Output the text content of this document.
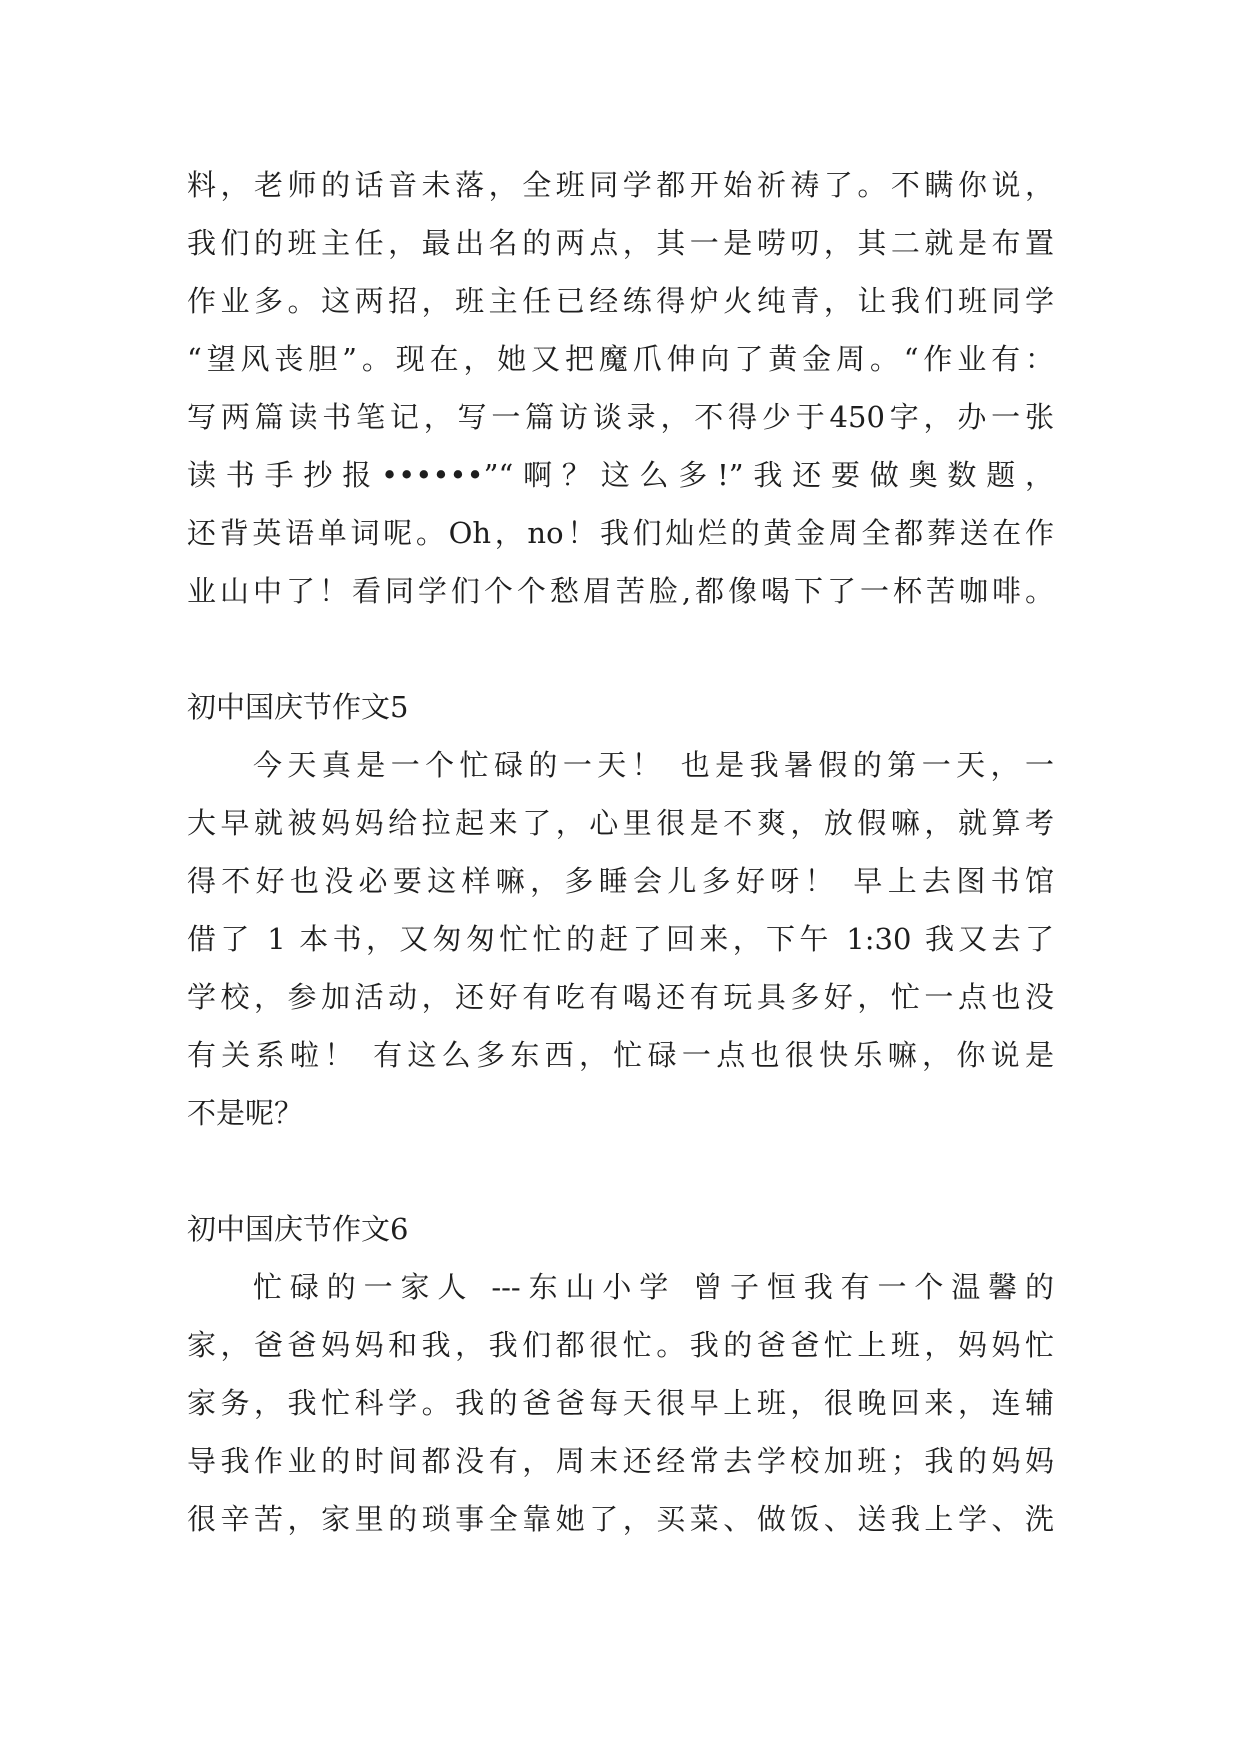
料，老师的话音未落，全班同学都开始祈祷了。不瞒你说，
我们的班主任，最出名的两点，其一是唠叨，其二就是布置
作业多。这两招，班主任已经练得炉火纯青，让我们班同学
“望风丧胆”。现在，她又把魔爪伸向了黄金周。“作业有：
写两篇读书笔记，写一篇访谈录，不得少于450字，办一张
读书手抄报••••••”“啊？这么多!”我还要做奥数题，
还背英语单词呢。Oh，no！我们灿烂的黄金周全都葬送在作
业山中了！看同学们个个愁眉苦脸,都像喝下了一杯苦咖啡。
初中国庆节作文5
今天真是一个忙碌的一天！ 也是我暑假的第一天，一
大早就被妈妈给拉起来了，心里很是不爽，放假嘛，就算考
得不好也没必要这样嘛，多睡会儿多好呀！ 早上去图书馆
借了 1 本书，又匆匆忙忙的赶了回来，下午 1:30 我又去了
学校，参加活动，还好有吃有喝还有玩具多好，忙一点也没
有关系啦！ 有这么多东西，忙碌一点也很快乐嘛，你说是
不是呢？
初中国庆节作文6
忙碌的一家人 ---东山小学 曾子恒我有一个温馨的
家，爸爸妈妈和我，我们都很忙。我的爸爸忙上班，妈妈忙
家务，我忙科学。我的爸爸每天很早上班，很晚回来，连辅
导我作业的时间都没有，周末还经常去学校加班；我的妈妈
很辛苦，家里的琐事全靠她了，买菜、做饭、送我上学、洗
